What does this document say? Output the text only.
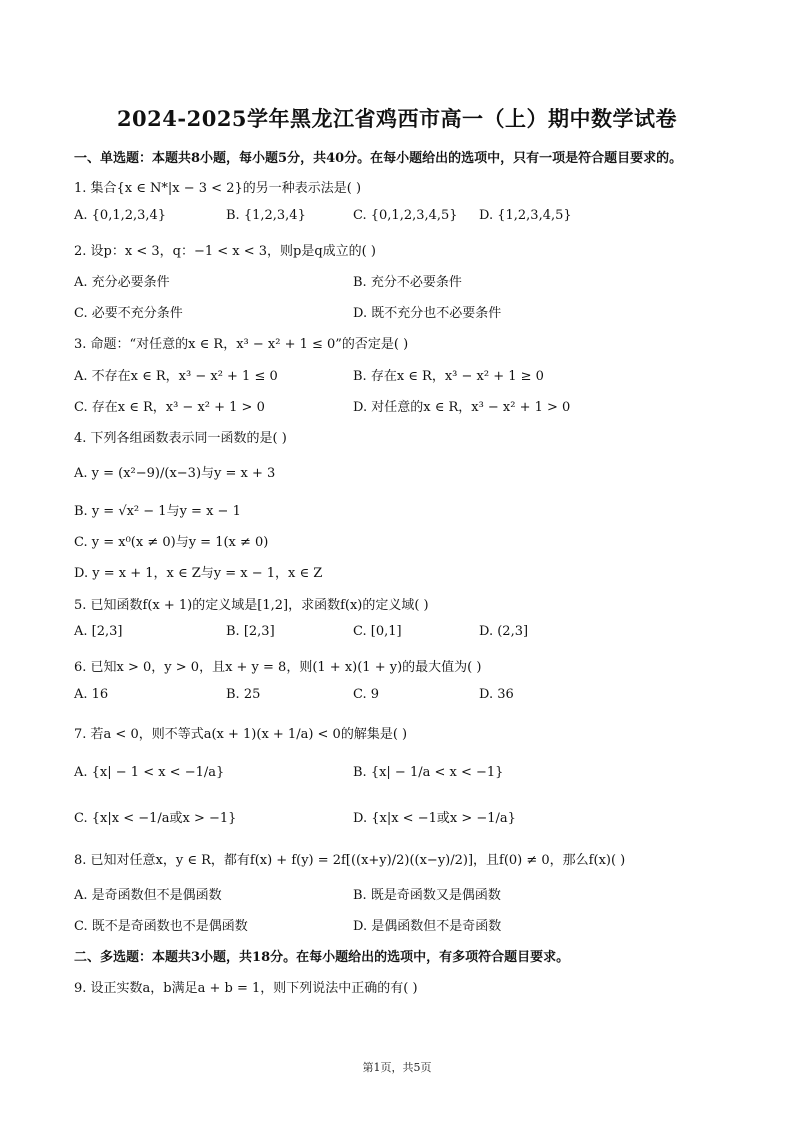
2024-2025学年黑龙江省鸡西市高一（上）期中数学试卷
一、单选题：本题共8小题，每小题5分，共40分。在每小题给出的选项中，只有一项是符合题目要求的。
1. 集合{x ∈ N*|x − 3 < 2}的另一种表示法是( )
A. {0,1,2,3,4}	B. {1,2,3,4}	C. {0,1,2,3,4,5} D. {1,2,3,4,5}
2. 设p：x < 3，q：−1 < x < 3，则p是q成立的( )
A. 充分必要条件	B. 充分不必要条件
C. 必要不充分条件	D. 既不充分也不必要条件
3. 命题：“对任意的x ∈ R，x³ − x² + 1 ≤ 0”的否定是( )
A. 不存在x ∈ R，x³ − x² + 1 ≤ 0	B. 存在x ∈ R，x³ − x² + 1 ≥ 0
C. 存在x ∈ R，x³ − x² + 1 > 0	D. 对任意的x ∈ R，x³ − x² + 1 > 0
4. 下列各组函数表示同一函数的是( )
A. y = (x²−9)/(x−3)与y = x + 3
B. y = √x² − 1与y = x − 1
C. y = x⁰(x ≠ 0)与y = 1(x ≠ 0)
D. y = x + 1，x ∈ Z与y = x − 1，x ∈ Z
5. 已知函数f(x + 1)的定义域是[1,2]，求函数f(x)的定义域( )
A. [2,3]	B. [2,3]	C. [0,1]	D. (2,3]
6. 已知x > 0，y > 0，且x + y = 8，则(1 + x)(1 + y)的最大值为( )
A. 16	B. 25	C. 9	D. 36
7. 若a < 0，则不等式a(x + 1)(x + 1/a) < 0的解集是( )
A. {x| − 1 < x < −1/a}	B. {x| − 1/a < x < −1}
C. {x|x < −1/a或x > −1}	D. {x|x < −1或x > −1/a}
8. 已知对任意x，y ∈ R，都有f(x) + f(y) = 2f[((x+y)/2)((x−y)/2)]，且f(0) ≠ 0，那么f(x)( )
A. 是奇函数但不是偶函数	B. 既是奇函数又是偶函数
C. 既不是奇函数也不是偶函数	D. 是偶函数但不是奇函数
二、多选题：本题共3小题，共18分。在每小题给出的选项中，有多项符合题目要求。
9. 设正实数a，b满足a + b = 1，则下列说法中正确的有( )
第1页，共5页
